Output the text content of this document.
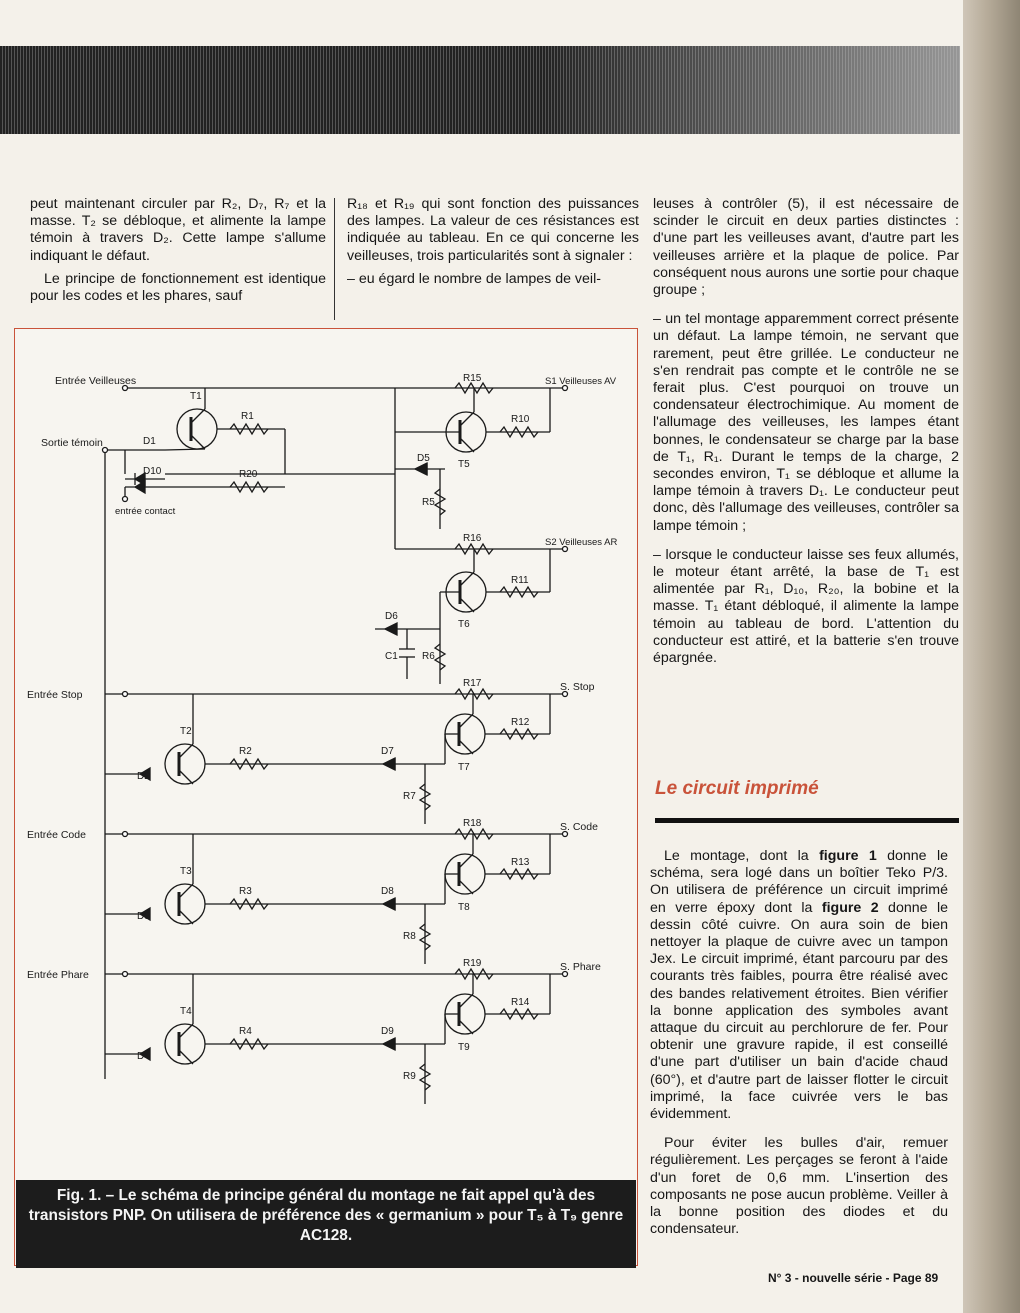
peut maintenant circuler par R₂, D₇, R₇ et la masse. T₂ se débloque, et alimente la lampe témoin à travers D₂. Cette lampe s'allume indiquant le défaut.

Le principe de fonctionnement est identique pour les codes et les phares, sauf

R₁₈ et R₁₉ qui sont fonction des puissances des lampes. La valeur de ces résistances est indiquée au tableau. En ce qui concerne les veilleuses, trois particularités sont à signaler :

– eu égard le nombre de lampes de veil-

leuses à contrôler (5), il est nécessaire de scinder le circuit en deux parties distinctes : d'une part les veilleuses avant, d'autre part les veilleuses arrière et la plaque de police. Par conséquent nous aurons une sortie pour chaque groupe ;

– un tel montage apparemment correct présente un défaut. La lampe témoin, ne servant que rarement, peut être grillée. Le conducteur ne s'en rendrait pas compte et le contrôle ne se ferait plus. C'est pourquoi on trouve un condensateur électrochimique. Au moment de l'allumage des veilleuses, les lampes étant bonnes, le condensateur se charge par la base de T₁, R₁. Durant le temps de la charge, 2 secondes environ, T₁ se débloque et allume la lampe témoin à travers D₁. Le conducteur peut donc, dès l'allumage des veilleuses, contrôler sa lampe témoin ;

– lorsque le conducteur laisse ses feux allumés, le moteur étant arrêté, la base de T₁ est alimentée par R₁, D₁₀, R₂₀, la bobine et la masse. T₁ étant débloqué, il alimente la lampe témoin au tableau de bord. L'attention du conducteur est attiré, et la batterie s'en trouve épargnée.

T1
R1
D1
D10	R20
R15
R10
T5
D5
R5
R16
R11
T6
D6
C1 R6
T2
R2	D7
R7
D2
R17
R12
T7
T3
R3	D8
R8
D3
R18
R13
T8
T4
R4	D9
R9
D4
R19
R14
T9
Entrée Veilleuses
Sortie témoin
entrée contact
Entrée Stop
Entrée Code
Entrée Phare
S1 Veilleuses AV
S2 Veilleuses AR
S. Stop
S. Code
S. Phare
Fig. 1. – Le schéma de principe général du montage ne fait appel qu'à des transistors PNP. On utilisera de préférence des « germanium » pour T₅ à T₉ genre AC128.
Le circuit imprimé

Le montage, dont la figure 1 donne le schéma, sera logé dans un boîtier Teko P/3. On utilisera de préférence un circuit imprimé en verre époxy dont la figure 2 donne le dessin côté cuivre. On aura soin de bien nettoyer la plaque de cuivre avec un tampon Jex. Le circuit imprimé, étant parcouru par des courants très faibles, pourra être réalisé avec des bandes relativement étroites. Bien vérifier la bonne application des symboles avant attaque du circuit au perchlorure de fer. Pour obtenir une gravure rapide, il est conseillé d'une part d'utiliser un bain d'acide chaud (60°), et d'autre part de laisser flotter le circuit imprimé, la face cuivrée vers le bas évidemment.

Pour éviter les bulles d'air, remuer régulièrement. Les perçages se feront à l'aide d'un foret de 0,6 mm. L'insertion des composants ne pose aucun problème. Veiller à la bonne position des diodes et du condensateur.

N° 3 - nouvelle série - Page 89
